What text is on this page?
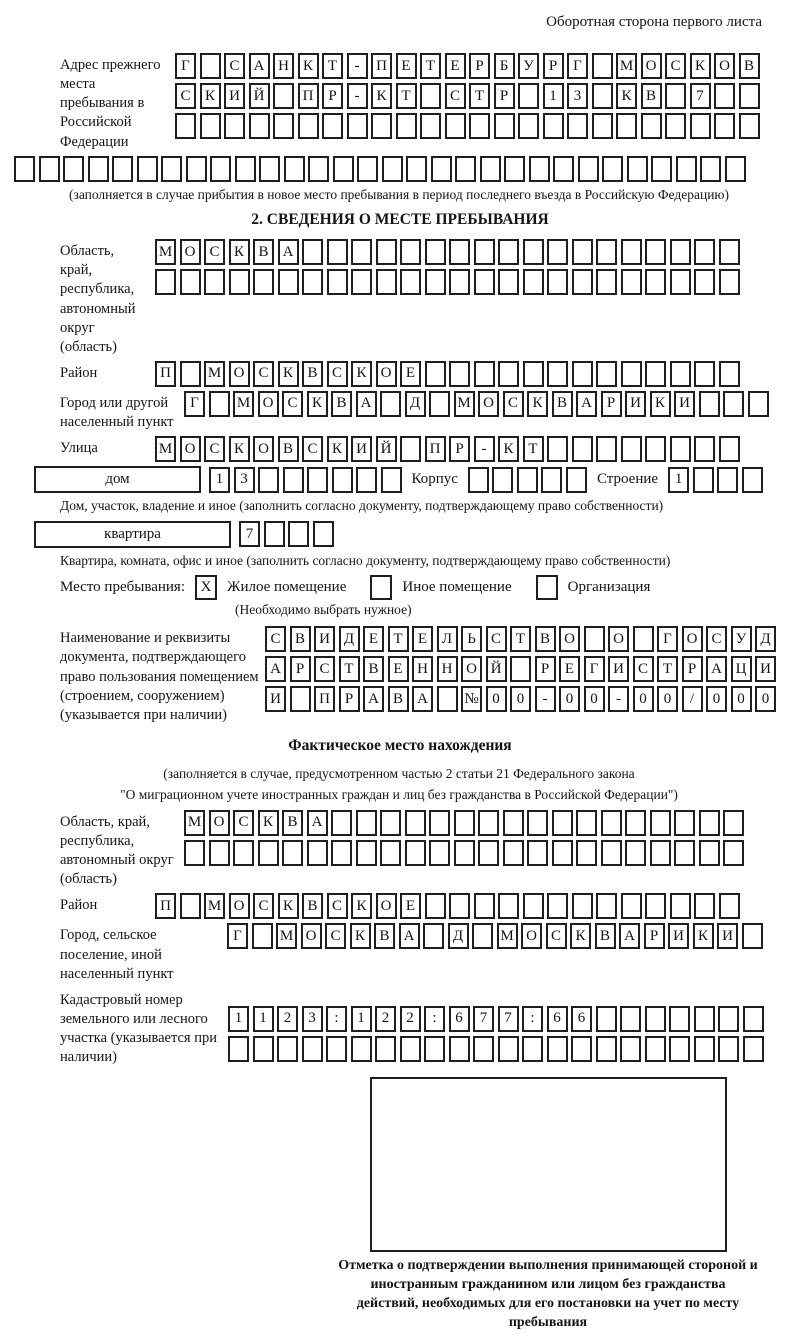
Оборотная сторона первого листа
Адрес прежнего места пребывания в Российской Федерации
Г	С А Н К Т	-	П Е	Т	Е	Р	Б У	Р	Г	М О С К О В
С К И Й	П Р	-	К Т	С Т	Р	1	3	К В	7
(заполняется в случае прибытия в новое место пребывания в период последнего въезда в Российскую Федерацию)
2. СВЕДЕНИЯ О МЕСТЕ ПРЕБЫВАНИЯ
Область, край, республика, автономный округ (область)
М О С К В А
Район	П	М О С К В С К О Е
Город или другой населенный пункт
Г	М О С К В А	Д	М О С К В А Р И К И
Улица	М О С К О В С К И Й	П Р	-	К Т
дом	1	3	Корпус	Строение	1
Дом, участок, владение и иное (заполнить согласно документу, подтверждающему право собственности)
квартира	7
Квартира, комната, офис и иное (заполнить согласно документу, подтверждающему право собственности)
Место пребывания:	X	Жилое помещение	Иное помещение	Организация
(Необходимо выбрать нужное)
Наименование и реквизиты документа, подтверждающего право пользования помещением (строением, сооружением) (указывается при наличии)
С В И Д Е	Т	Е Л	Ь	С Т В О	О	Г О С У Д
А Р	С Т В Е Н Н О Й	Р	Е	Г И С Т	Р А Ц И
И	П Р А В А	№ 0	0	-	0	0	-	0	0	/	0	0	0
Фактическое место нахождения
(заполняется в случае, предусмотренном частью 2 статьи 21 Федерального закона
"О миграционном учете иностранных граждан и лиц без гражданства в Российской Федерации")
Область, край, республика, автономный округ (область)
М О С К В А
Район	П	М О С К В С К О Е
Город, сельское поселение, иной населенный пункт
Г	М О С К В А	Д	М О С К В А Р И К И
Кадастровый номер земельного или лесного участка (указывается при наличии)
1	1	2	3	:	1	2	2	:	6	7	7	:	6	6
Отметка о подтверждении выполнения принимающей стороной и иностранным гражданином или лицом без гражданства действий, необходимых для его постановки на учет по месту пребывания
